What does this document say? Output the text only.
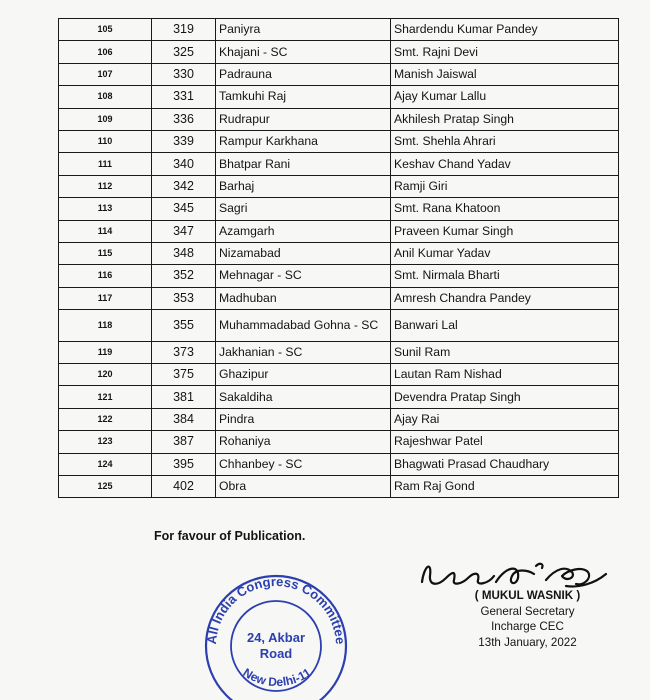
105	319	Paniyra	Shardendu Kumar Pandey
106	325	Khajani - SC	Smt. Rajni Devi
107	330	Padrauna	Manish Jaiswal
108	331	Tamkuhi Raj	Ajay Kumar Lallu
109	336	Rudrapur	Akhilesh Pratap Singh
110	339	Rampur Karkhana	Smt. Shehla Ahrari
111	340	Bhatpar Rani	Keshav Chand Yadav
112	342	Barhaj	Ramji Giri
113	345	Sagri	Smt. Rana Khatoon
114	347	Azamgarh	Praveen Kumar Singh
115	348	Nizamabad	Anil Kumar Yadav
116	352	Mehnagar - SC	Smt. Nirmala Bharti
117	353	Madhuban	Amresh Chandra Pandey
118	355	Muhammadabad Gohna - SC	Banwari Lal
119	373	Jakhanian - SC	Sunil Ram
120	375	Ghazipur	Lautan Ram Nishad
121	381	Sakaldiha	Devendra Pratap Singh
122	384	Pindra	Ajay Rai
123	387	Rohaniya	Rajeshwar Patel
124	395	Chhanbey - SC	Bhagwati Prasad Chaudhary
125	402	Obra	Ram Raj Gond
For favour of Publication.
( MUKUL WASNIK )
General Secretary
Incharge CEC
13th January, 2022
All India Congress Committee
24, Akbar
Road
New Delhi-11
